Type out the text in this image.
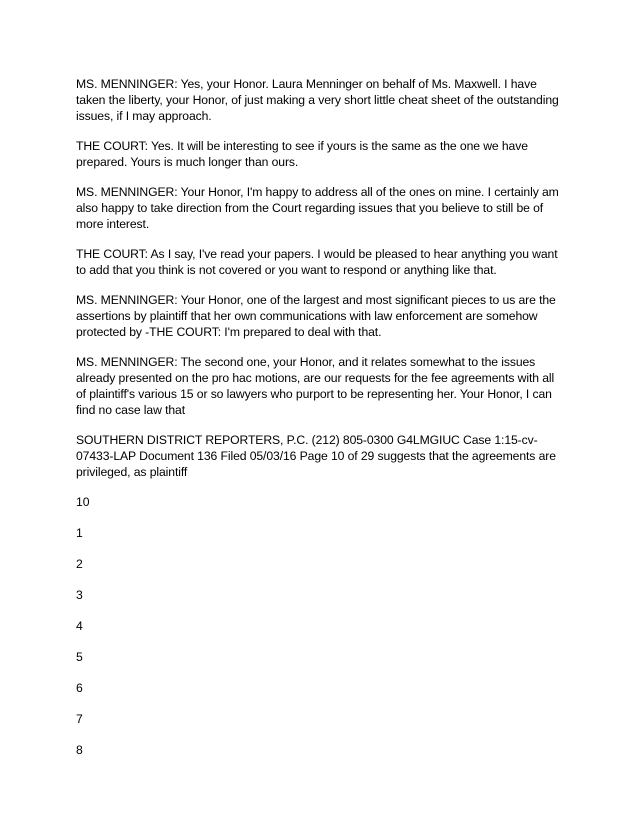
MS. MENNINGER: Yes, your Honor. Laura Menninger on behalf of Ms. Maxwell. I have taken the liberty, your Honor, of just making a very short little cheat sheet of the outstanding issues, if I may approach.

THE COURT: Yes. It will be interesting to see if yours is the same as the one we have prepared. Yours is much longer than ours.

MS. MENNINGER: Your Honor, I'm happy to address all of the ones on mine. I certainly am also happy to take direction from the Court regarding issues that you believe to still be of more interest.

THE COURT: As I say, I've read your papers. I would be pleased to hear anything you want to add that you think is not covered or you want to respond or anything like that.

MS. MENNINGER: Your Honor, one of the largest and most significant pieces to us are the assertions by plaintiff that her own communications with law enforcement are somehow protected by -THE COURT: I'm prepared to deal with that.

MS. MENNINGER: The second one, your Honor, and it relates somewhat to the issues already presented on the pro hac motions, are our requests for the fee agreements with all of plaintiff's various 15 or so lawyers who purport to be representing her. Your Honor, I can find no case law that

SOUTHERN DISTRICT REPORTERS, P.C. (212) 805-0300 G4LMGIUC Case 1:15-cv-07433-LAP Document 136 Filed 05/03/16 Page 10 of 29 suggests that the agreements are privileged, as plaintiff

10
1
2
3
4
5
6
7
8
